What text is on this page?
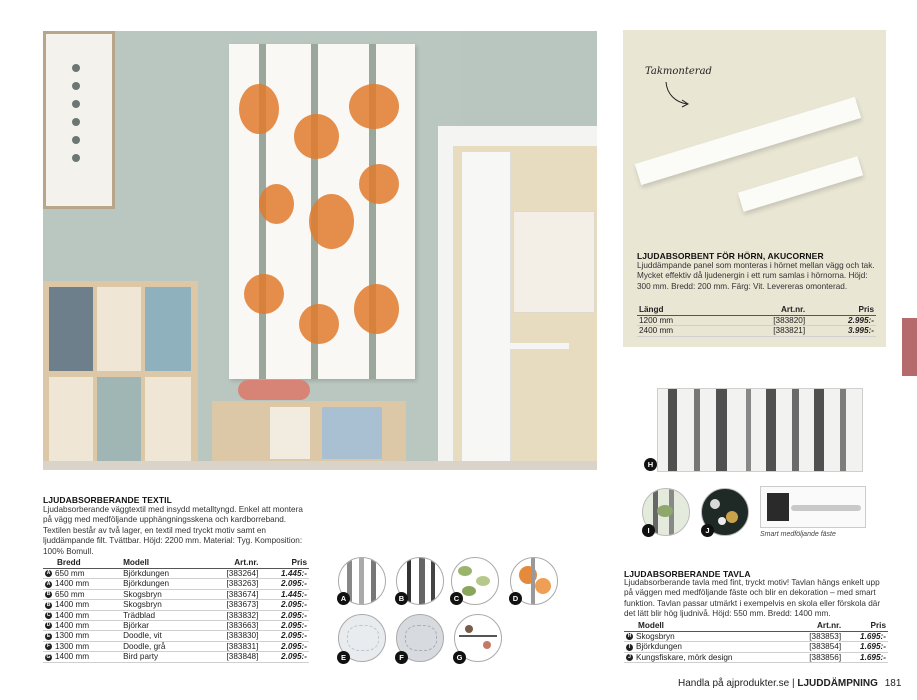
LJUDABSORBERANDE TEXTIL
Ljudabsorberande väggtextil med insydd metalltyngd. Enkel att montera på vägg med medföljande upphängningsskena och kardborreband. Textilen består av två lager, en textil med tryckt motiv samt en ljuddämpande filt. Tvättbar. Höjd: 2200 mm. Material: Tyg. Komposition: 100% Bomull.
Bredd	Modell	Art.nr.	Pris
A 650 mm	Björkdungen	[383264]	1.445:-
A 1400 mm	Björkdungen	[383263]	2.095:-
B 650 mm	Skogsbryn	[383674]	1.445:-
B 1400 mm	Skogsbryn	[383673]	2.095:-
C 1400 mm	Trädblad	[383832]	2.095:-
D 1400 mm	Björkar	[383663]	2.095:-
E 1300 mm	Doodle, vit	[383830]	2.095:-
F 1300 mm	Doodle, grå	[383831]	2.095:-
G 1400 mm	Bird party	[383848]	2.095:-
A	B	C	D
E	F	G
Takmonterad
LJUDABSORBENT FÖR HÖRN, AKUCORNER
Ljuddämpande panel som monteras i hörnet mellan vägg och tak. Mycket effektiv då ljudenergin i ett rum samlas i hörnorna. Höjd: 300 mm. Bredd: 200 mm. Färg: Vit. Levereras omonterad.
Längd	Art.nr.	Pris
1200 mm	[383820]	2.995:-
2400 mm	[383821]	3.995:-
H
I	J	Smart medföljande fäste
LJUDABSORBERANDE TAVLA
Ljudabsorberande tavla med fint, tryckt motiv! Tavlan hängs enkelt upp på väggen med medföljande fäste och blir en dekoration – med smart funktion. Tavlan passar utmärkt i exempelvis en skola eller förskola där det lätt blir hög ljudnivå. Höjd: 550 mm. Bredd: 1400 mm.
Modell	Art.nr.	Pris
H Skogsbryn	[383853]	1.695:-
I Björkdungen	[383854]	1.695:-
J Kungsfiskare, mörk design	[383856]	1.695:-
Handla på ajprodukter.se | LJUDDÄMPNING 181
